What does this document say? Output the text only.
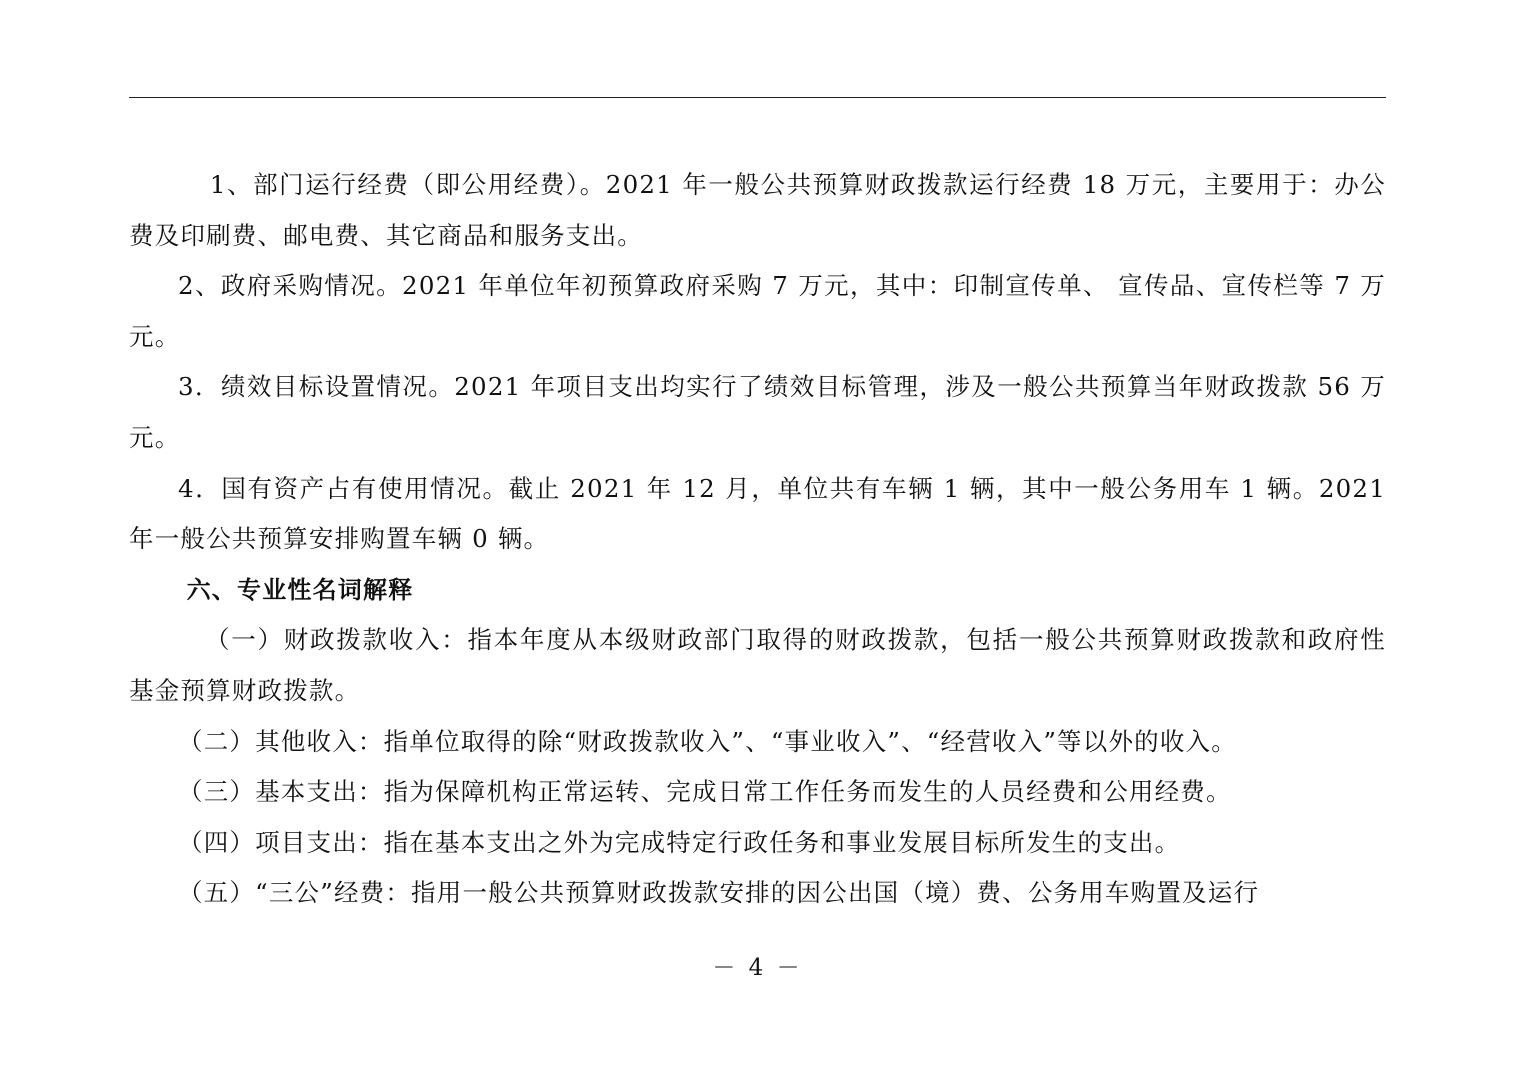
1、部门运行经费（即公用经费）。2021 年一般公共预算财政拨款运行经费 18 万元，主要用于：办公费及印刷费、邮电费、其它商品和服务支出。

2、政府采购情况。2021 年单位年初预算政府采购 7 万元，其中：印制宣传单、 宣传品、宣传栏等 7 万元。

3．绩效目标设置情况。2021 年项目支出均实行了绩效目标管理，涉及一般公共预算当年财政拨款 56 万元。

4．国有资产占有使用情况。截止 2021 年 12 月，单位共有车辆 1 辆，其中一般公务用车 1 辆。2021 年一般公共预算安排购置车辆 0 辆。

六、专业性名词解释

（一）财政拨款收入：指本年度从本级财政部门取得的财政拨款，包括一般公共预算财政拨款和政府性基金预算财政拨款。

（二）其他收入：指单位取得的除“财政拨款收入”、“事业收入”、“经营收入”等以外的收入。

（三）基本支出：指为保障机构正常运转、完成日常工作任务而发生的人员经费和公用经费。

（四）项目支出：指在基本支出之外为完成特定行政任务和事业发展目标所发生的支出。

（五）“三公”经费：指用一般公共预算财政拨款安排的因公出国（境）费、公务用车购置及运行

－ 4 －
